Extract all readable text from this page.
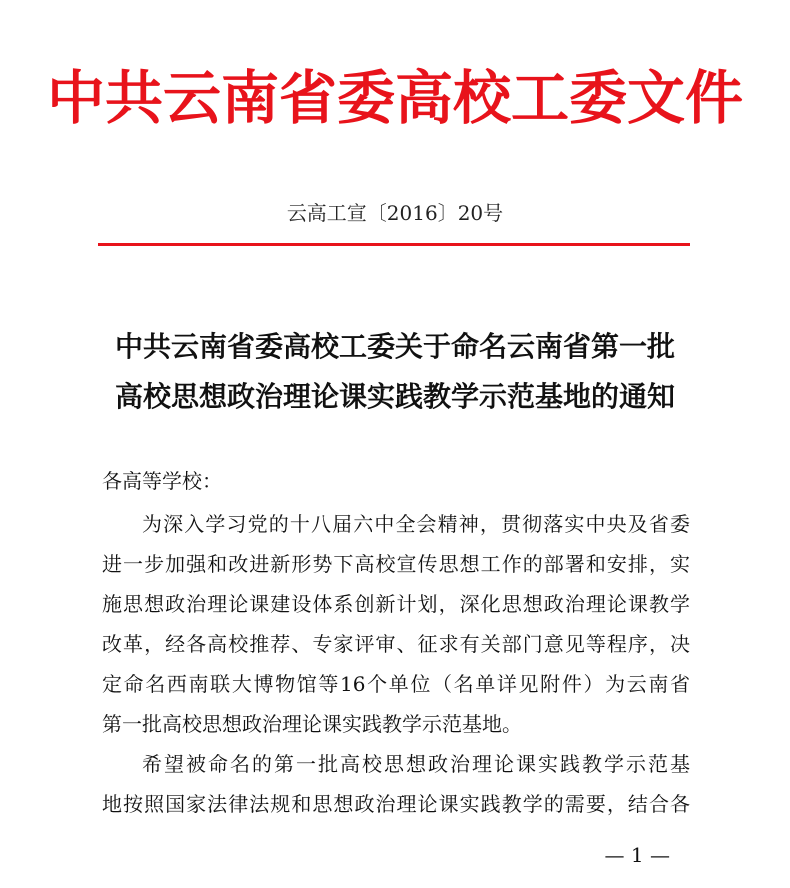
中共云南省委高校工委文件
云高工宣〔2016〕20号
中共云南省委高校工委关于命名云南省第一批
高校思想政治理论课实践教学示范基地的通知
各高等学校：
为深入学习党的十八届六中全会精神，贯彻落实中央及省委
进一步加强和改进新形势下高校宣传思想工作的部署和安排，实
施思想政治理论课建设体系创新计划，深化思想政治理论课教学
改革，经各高校推荐、专家评审、征求有关部门意见等程序，决
定命名西南联大博物馆等16个单位（名单详见附件）为云南省
第一批高校思想政治理论课实践教学示范基地。
希望被命名的第一批高校思想政治理论课实践教学示范基
地按照国家法律法规和思想政治理论课实践教学的需要，结合各
— 1 —
